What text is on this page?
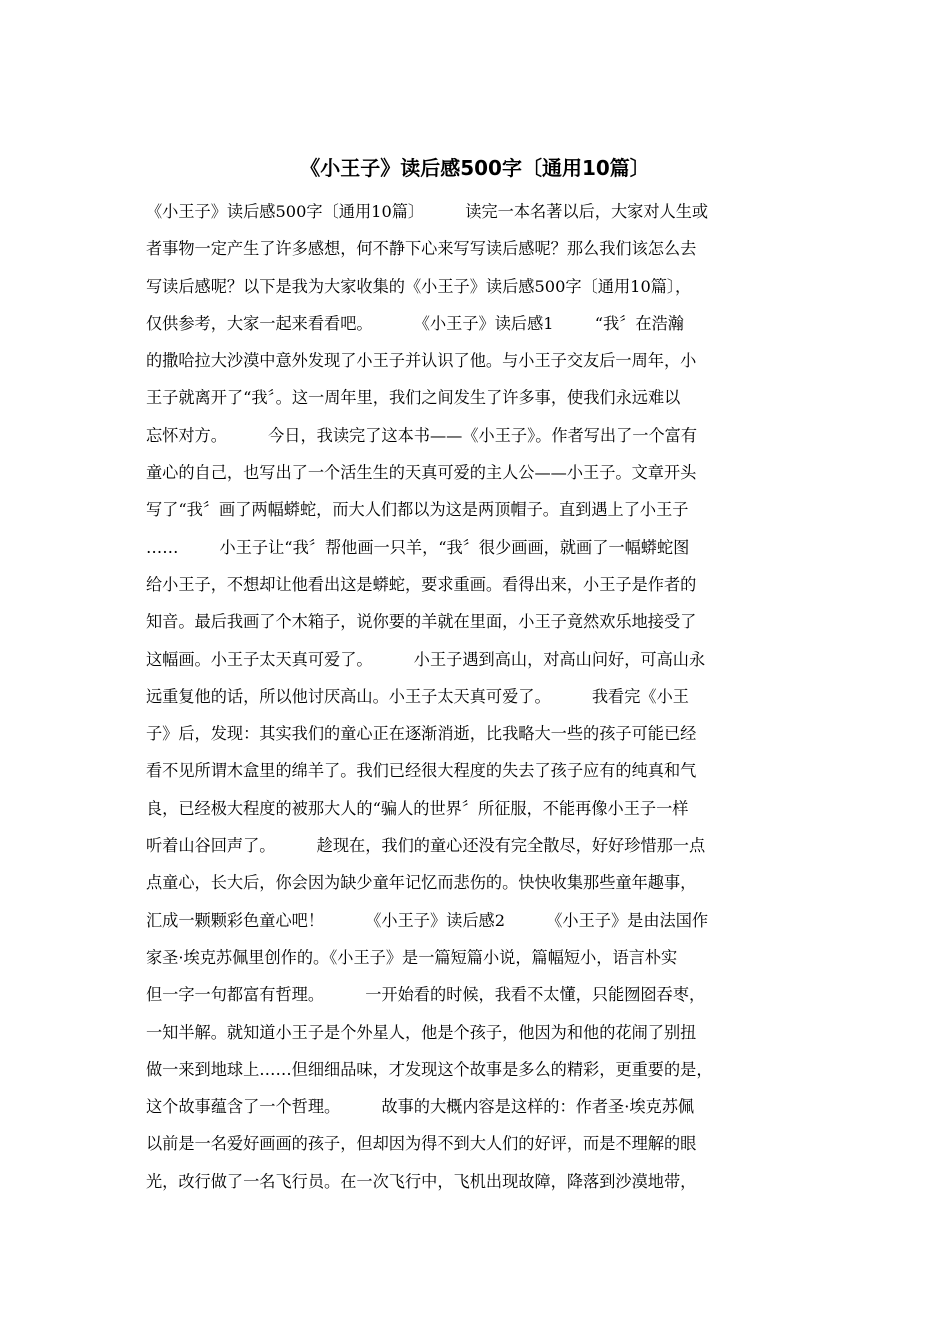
《小王子》读后感500字〔通用10篇〕
《小王子》读后感500字〔通用10篇〕        读完一本名著以后，大家对人生或
者事物一定产生了许多感想，何不静下心来写写读后感呢？那么我们该怎么去
写读后感呢？以下是我为大家收集的《小王子》读后感500字〔通用10篇〕，
仅供参考，大家一起来看看吧。        《小王子》读后感1        “我〞在浩瀚
的撒哈拉大沙漠中意外发现了小王子并认识了他。与小王子交友后一周年，小
王子就离开了“我〞。这一周年里，我们之间发生了许多事，使我们永远难以
忘怀对方。        今日，我读完了这本书——《小王子》。作者写出了一个富有
童心的自己，也写出了一个活生生的天真可爱的主人公——小王子。文章开头
写了“我〞画了两幅蟒蛇，而大人们都以为这是两顶帽子。直到遇上了小王子
……        小王子让“我〞帮他画一只羊，“我〞很少画画，就画了一幅蟒蛇图
给小王子，不想却让他看出这是蟒蛇，要求重画。看得出来，小王子是作者的
知音。最后我画了个木箱子，说你要的羊就在里面，小王子竟然欢乐地接受了
这幅画。小王子太天真可爱了。        小王子遇到高山，对高山问好，可高山永
远重复他的话，所以他讨厌高山。小王子太天真可爱了。        我看完《小王
子》后，发现：其实我们的童心正在逐渐消逝，比我略大一些的孩子可能已经
看不见所谓木盒里的绵羊了。我们已经很大程度的失去了孩子应有的纯真和气
良，已经极大程度的被那大人的“骗人的世界〞所征服，不能再像小王子一样
听着山谷回声了。        趁现在，我们的童心还没有完全散尽，好好珍惜那一点
点童心，长大后，你会因为缺少童年记忆而悲伤的。快快收集那些童年趣事，
汇成一颗颗彩色童心吧！        《小王子》读后感2        《小王子》是由法国作
家圣·埃克苏佩里创作的。《小王子》是一篇短篇小说，篇幅短小，语言朴实
但一字一句都富有哲理。        一开始看的时候，我看不太懂，只能囫囵吞枣，
一知半解。就知道小王子是个外星人，他是个孩子，他因为和他的花闹了别扭
做一来到地球上……但细细品味，才发现这个故事是多么的精彩，更重要的是，
这个故事蕴含了一个哲理。        故事的大概内容是这样的：作者圣·埃克苏佩
以前是一名爱好画画的孩子，但却因为得不到大人们的好评，而是不理解的眼
光，改行做了一名飞行员。在一次飞行中，飞机出现故障，降落到沙漠地带，
